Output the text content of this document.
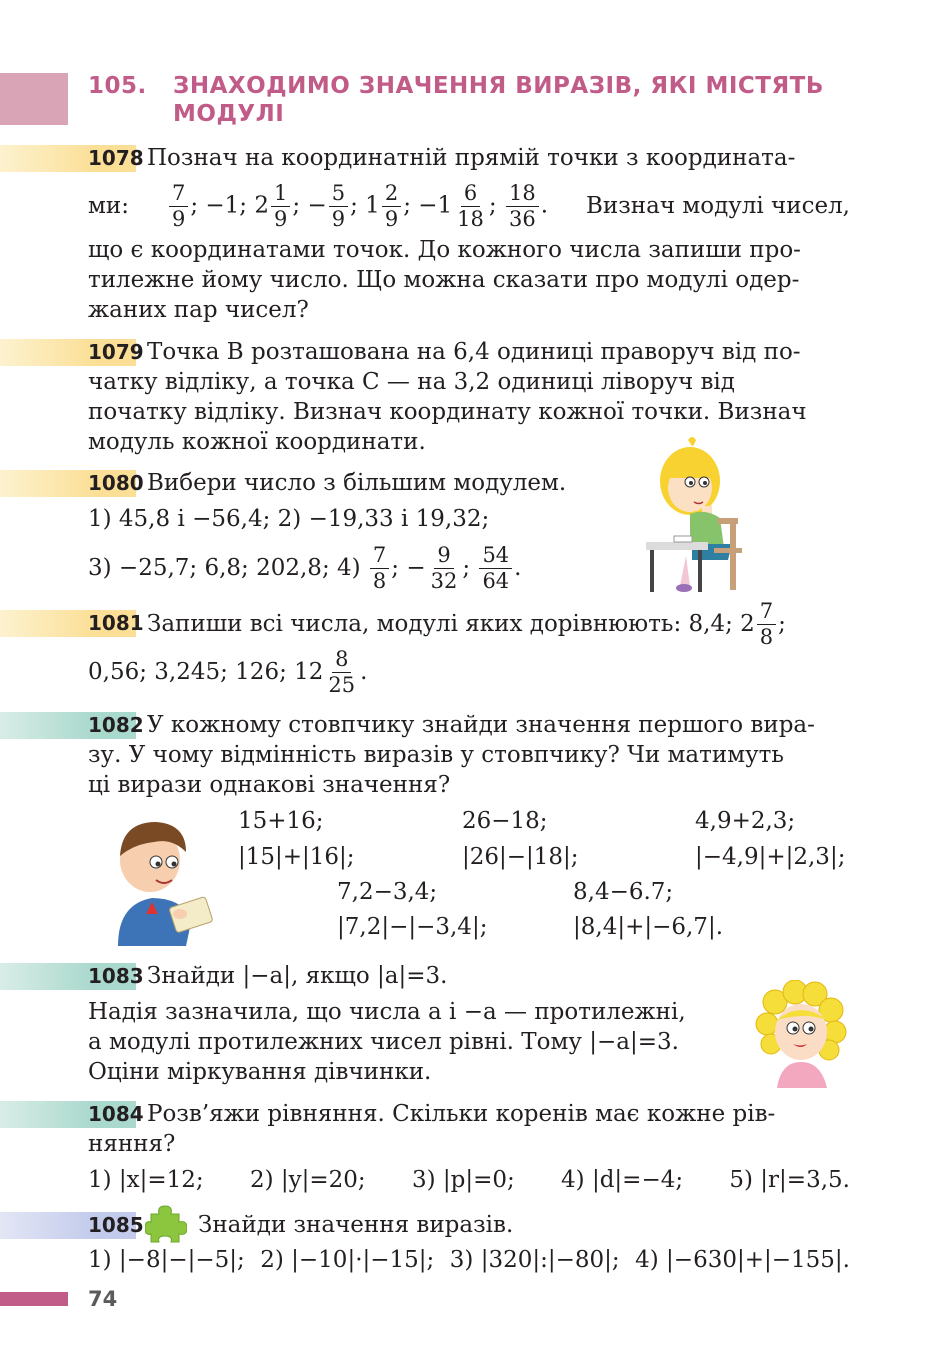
105. ЗНАХОДИМО ЗНАЧЕННЯ ВИРАЗІВ, ЯКІ МІСТЯТЬ
МОДУЛІ
1078 Познач на координатній прямій точки з координата-
ми: $\frac{7}{9}$ ; −1; $2 \frac{1}{9}$ ; − $\frac{5}{9}$ ; $1 \frac{2}{9}$ ; $-1 \frac{6}{18}$ ; $\frac{18}{36}$ . Визнач модулі чисел,
що є координатами точок. До кожного числа запиши про-
тилежне йому число. Що можна сказати про модулі одер-
жаних пар чисел?
1079 Точка B розташована на 6,4 одиниці праворуч від по-
чатку відліку, а точка C — на 3,2 одиниці ліворуч від
початку відліку. Визнач координату кожної точки. Визнач
модуль кожної координати.
1080 Вибери число з більшим модулем.
1) 45,8 і −56,4; 2) −19,33 і 19,32;
3) −25,7; 6,8; 202,8; 4)
$\frac{7}{8}$ ; − $\frac{9}{32}$ ; $\frac{54}{64}$ .
1081 Запиши всі числа, модулі яких дорівнюють: 8,4; $2 \frac{7}{8}$ ;
0,56; 3,245; 126; $12 \frac{8}{25}$ .
1082 У кожному стовпчику знайди значення першого вира-
зу. У чому відмінність виразів у стовпчику? Чи матимуть
ці вирази однакові значення?
15+16;
|15|+|16|;
26−18;
|26|−|18|;
4,9+2,3;
|−4,9|+|2,3|;
7,2−3,4;
|7,2|−|−3,4|;
8,4−6.7;
|8,4|+|−6,7|.
1083 Знайди |−a|, якщо |a|=3.
Надія зазначила, що числа a і −a — протилежні,
а модулі протилежних чисел рівні. Тому |−a|=3.
Оціни міркування дівчинки.
1084 Розв’яжи рівняння. Скільки коренів має кожне рів-
няння?
1) |x|=12; 2) |y|=20; 3) |p|=0; 4) |d|=−4; 5) |r|=3,5.
1085 Знайди значення виразів.
1) |−8|−|−5|; 2) |−10|·|−15|; 3) |320|:|−80|; 4) |−630|+|−155|.
74
